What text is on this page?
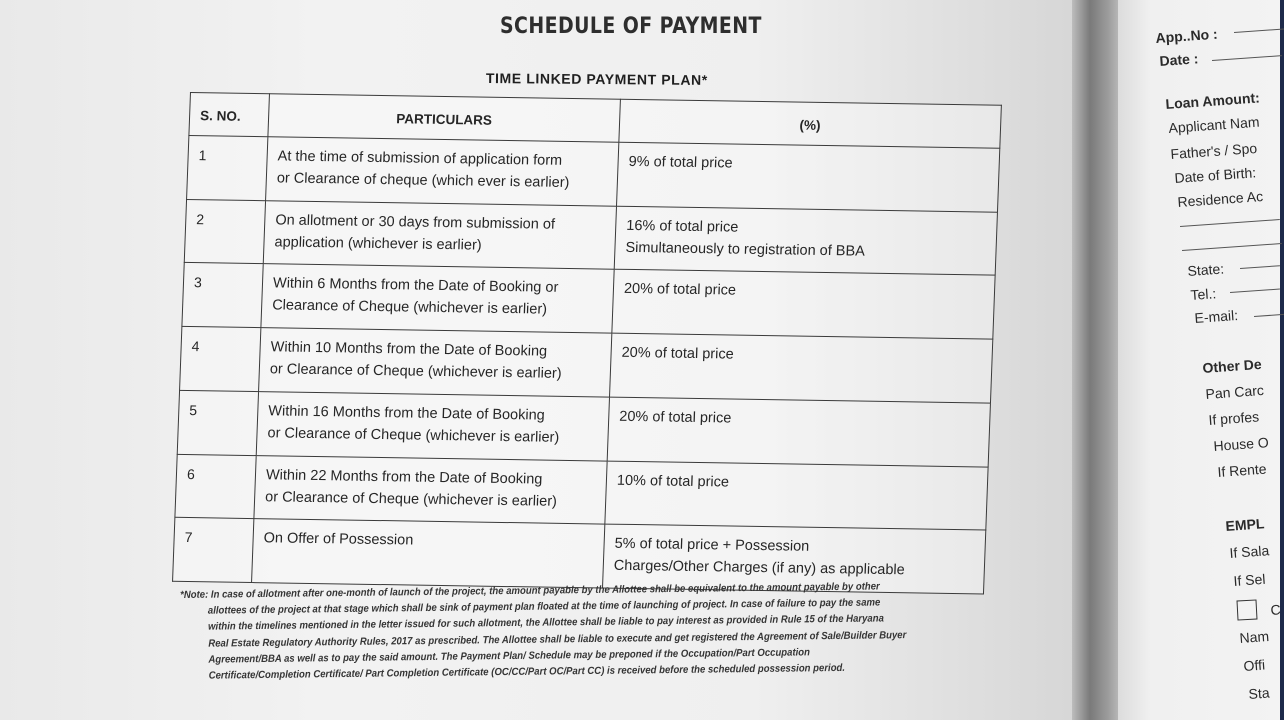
SCHEDULE OF PAYMENT
TIME LINKED PAYMENT PLAN*
S. NO.	PARTICULARS	(%)
1	At the time of submission of application form
or Clearance of cheque (which ever is earlier)	9% of total price

2	On allotment or 30 days from submission of
application (whichever is earlier)	16% of total price
Simultaneously to registration of BBA

3	Within 6 Months from the Date of Booking or
Clearance of Cheque (whichever is earlier)	20% of total price

4	Within 10 Months from the Date of Booking
or Clearance of Cheque (whichever is earlier)	20% of total price

5	Within 16 Months from the Date of Booking
or Clearance of Cheque (whichever is earlier)	20% of total price

6	Within 22 Months from the Date of Booking
or Clearance of Cheque (whichever is earlier)	10% of total price

7	On Offer of Possession	5% of total price + Possession
Charges/Other Charges (if any) as applicable
*Note: In case of allotment after one-month of launch of the project, the amount payable by the Allottee shall be equivalent to the amount payable by other
allottees of the project at that stage which shall be sink of payment plan floated at the time of launching of project. In case of failure to pay the same
within the timelines mentioned in the letter issued for such allotment, the Allottee shall be liable to pay interest as provided in Rule 15 of the Haryana
Real Estate Regulatory Authority Rules, 2017 as prescribed. The Allottee shall be liable to execute and get registered the Agreement of Sale/Builder Buyer
Agreement/BBA as well as to pay the said amount. The Payment Plan/ Schedule may be preponed if the Occupation/Part Occupation
Certificate/Completion Certificate/ Part Completion Certificate (OC/CC/Part OC/Part CC) is received before the scheduled possession period.
App..No :
Date :
Loan Amount:
Applicant Nam
Father's / Spo
Date of Birth:
Residence Ac
State:
Tel.:
E-mail:
Other De
Pan Carc
If profes
House O
If Rente
EMPL
If Sala
If Sel
C
Nam
Offi
Sta
